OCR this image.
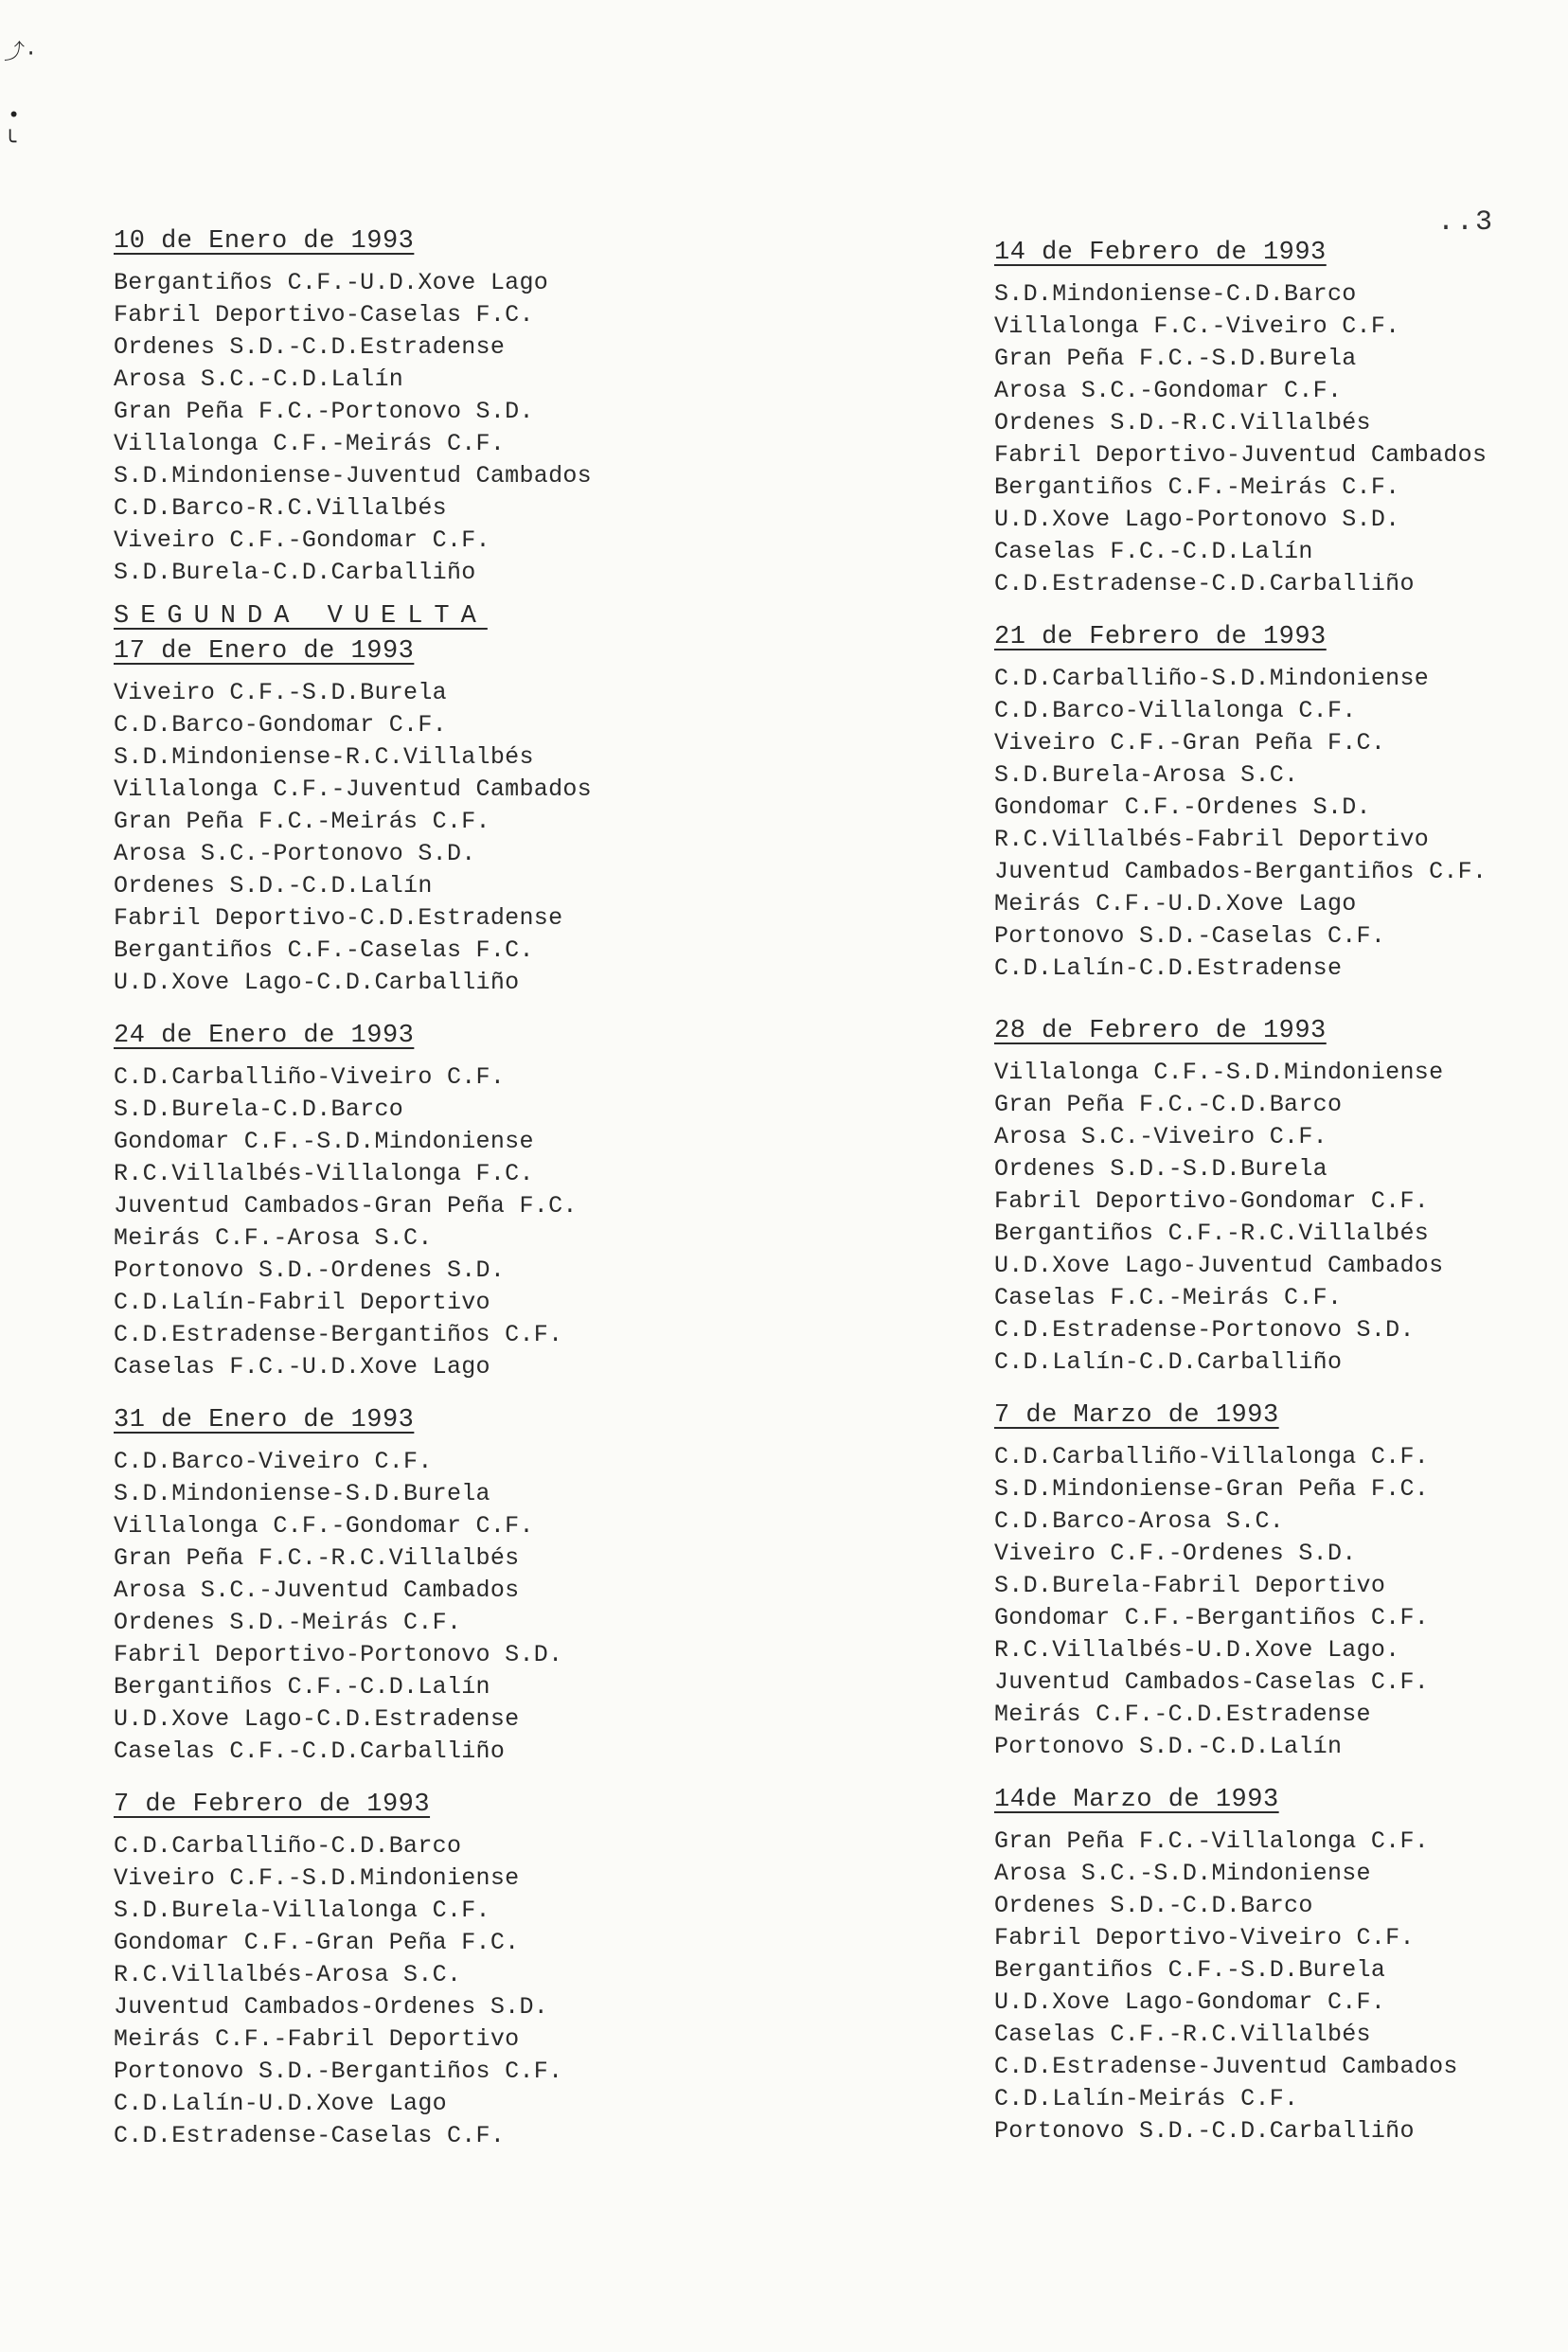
⤴·
•
╰
..3
10 de Enero de 1993
Bergantiños C.F.-U.D.Xove Lago
Fabril Deportivo-Caselas F.C.
Ordenes S.D.-C.D.Estradense
Arosa S.C.-C.D.Lalín
Gran Peña F.C.-Portonovo S.D.
Villalonga C.F.-Meirás C.F.
S.D.Mindoniense-Juventud Cambados
C.D.Barco-R.C.Villalbés
Viveiro C.F.-Gondomar C.F.
S.D.Burela-C.D.Carballiño
SEGUNDA VUELTA
17 de Enero de 1993
Viveiro C.F.-S.D.Burela
C.D.Barco-Gondomar C.F.
S.D.Mindoniense-R.C.Villalbés
Villalonga C.F.-Juventud Cambados
Gran Peña F.C.-Meirás C.F.
Arosa S.C.-Portonovo S.D.
Ordenes S.D.-C.D.Lalín
Fabril Deportivo-C.D.Estradense
Bergantiños C.F.-Caselas F.C.
U.D.Xove Lago-C.D.Carballiño
24 de Enero de 1993
C.D.Carballiño-Viveiro C.F.
S.D.Burela-C.D.Barco
Gondomar C.F.-S.D.Mindoniense
R.C.Villalbés-Villalonga F.C.
Juventud Cambados-Gran Peña F.C.
Meirás C.F.-Arosa S.C.
Portonovo S.D.-Ordenes S.D.
C.D.Lalín-Fabril Deportivo
C.D.Estradense-Bergantiños C.F.
Caselas F.C.-U.D.Xove Lago
31 de Enero de 1993
C.D.Barco-Viveiro C.F.
S.D.Mindoniense-S.D.Burela
Villalonga C.F.-Gondomar C.F.
Gran Peña F.C.-R.C.Villalbés
Arosa S.C.-Juventud Cambados
Ordenes S.D.-Meirás C.F.
Fabril Deportivo-Portonovo S.D.
Bergantiños C.F.-C.D.Lalín
U.D.Xove Lago-C.D.Estradense
Caselas C.F.-C.D.Carballiño
7 de Febrero de 1993
C.D.Carballiño-C.D.Barco
Viveiro C.F.-S.D.Mindoniense
S.D.Burela-Villalonga C.F.
Gondomar C.F.-Gran Peña F.C.
R.C.Villalbés-Arosa S.C.
Juventud Cambados-Ordenes S.D.
Meirás C.F.-Fabril Deportivo
Portonovo S.D.-Bergantiños C.F.
C.D.Lalín-U.D.Xove Lago
C.D.Estradense-Caselas C.F.
14 de Febrero de 1993
S.D.Mindoniense-C.D.Barco
Villalonga F.C.-Viveiro C.F.
Gran Peña F.C.-S.D.Burela
Arosa S.C.-Gondomar C.F.
Ordenes S.D.-R.C.Villalbés
Fabril Deportivo-Juventud Cambados
Bergantiños C.F.-Meirás C.F.
U.D.Xove Lago-Portonovo S.D.
Caselas F.C.-C.D.Lalín
C.D.Estradense-C.D.Carballiño
21 de Febrero de 1993
C.D.Carballiño-S.D.Mindoniense
C.D.Barco-Villalonga C.F.
Viveiro C.F.-Gran Peña F.C.
S.D.Burela-Arosa S.C.
Gondomar C.F.-Ordenes S.D.
R.C.Villalbés-Fabril Deportivo
Juventud Cambados-Bergantiños C.F.
Meirás C.F.-U.D.Xove Lago
Portonovo S.D.-Caselas C.F.
C.D.Lalín-C.D.Estradense
28 de Febrero de 1993
Villalonga C.F.-S.D.Mindoniense
Gran Peña F.C.-C.D.Barco
Arosa S.C.-Viveiro C.F.
Ordenes S.D.-S.D.Burela
Fabril Deportivo-Gondomar C.F.
Bergantiños C.F.-R.C.Villalbés
U.D.Xove Lago-Juventud Cambados
Caselas F.C.-Meirás C.F.
C.D.Estradense-Portonovo S.D.
C.D.Lalín-C.D.Carballiño
7 de Marzo de 1993
C.D.Carballiño-Villalonga C.F.
S.D.Mindoniense-Gran Peña F.C.
C.D.Barco-Arosa S.C.
Viveiro C.F.-Ordenes S.D.
S.D.Burela-Fabril Deportivo
Gondomar C.F.-Bergantiños C.F.
R.C.Villalbés-U.D.Xove Lago.
Juventud Cambados-Caselas C.F.
Meirás C.F.-C.D.Estradense
Portonovo S.D.-C.D.Lalín
14de Marzo de 1993
Gran Peña F.C.-Villalonga C.F.
Arosa S.C.-S.D.Mindoniense
Ordenes S.D.-C.D.Barco
Fabril Deportivo-Viveiro C.F.
Bergantiños C.F.-S.D.Burela
U.D.Xove Lago-Gondomar C.F.
Caselas C.F.-R.C.Villalbés
C.D.Estradense-Juventud Cambados
C.D.Lalín-Meirás C.F.
Portonovo S.D.-C.D.Carballiño
